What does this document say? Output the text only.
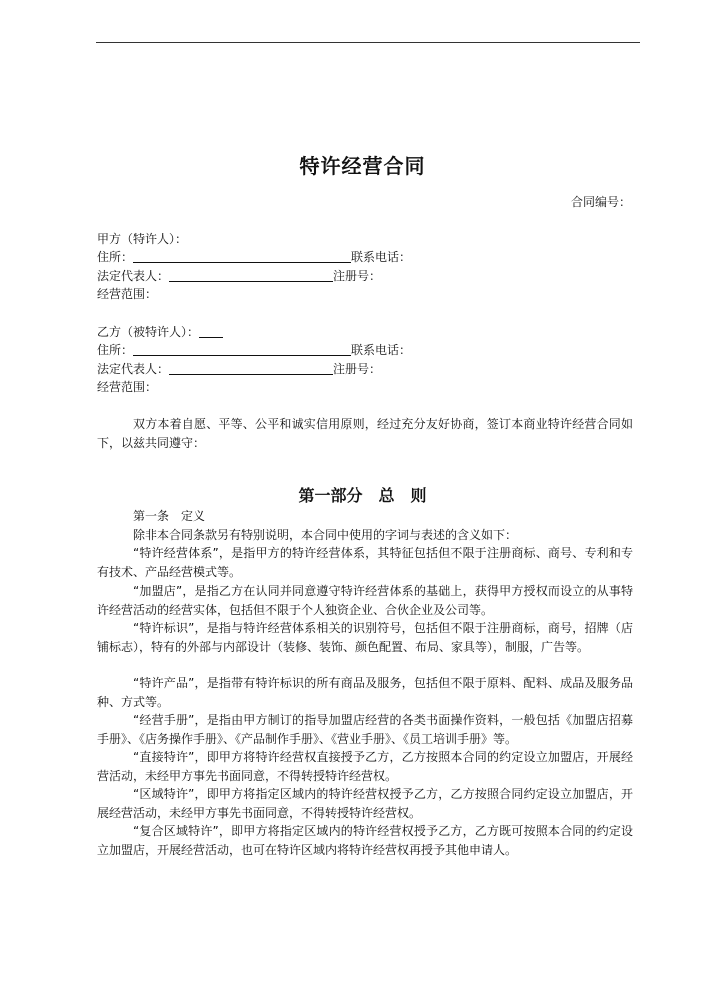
特许经营合同
合同编号：
甲方（特许人）：
住所：	联系电话：
法定代表人：	注册号：
经营范围：
乙方（被特许人）：
住所：	联系电话：
法定代表人：	注册号：
经营范围：
双方本着自愿、平等、公平和诚实信用原则，经过充分友好协商，签订本商业特许经营合同如下，以兹共同遵守：
第一部分　总　则
第一条　定义
除非本合同条款另有特别说明，本合同中使用的字词与表述的含义如下：
“特许经营体系”，是指甲方的特许经营体系，其特征包括但不限于注册商标、商号、专利和专有技术、产品经营模式等。
“加盟店”，是指乙方在认同并同意遵守特许经营体系的基础上，获得甲方授权而设立的从事特许经营活动的经营实体，包括但不限于个人独资企业、合伙企业及公司等。
“特许标识”，是指与特许经营体系相关的识别符号，包括但不限于注册商标，商号，招牌（店铺标志），特有的外部与内部设计（装修、装饰、颜色配置、布局、家具等），制服，广告等。
“特许产品”，是指带有特许标识的所有商品及服务，包括但不限于原料、配料、成品及服务品种、方式等。
“经营手册”，是指由甲方制订的指导加盟店经营的各类书面操作资料，一般包括《加盟店招募手册》、《店务操作手册》、《产品制作手册》、《营业手册》、《员工培训手册》等。
“直接特许”，即甲方将特许经营权直接授予乙方，乙方按照本合同的约定设立加盟店，开展经营活动，未经甲方事先书面同意，不得转授特许经营权。
“区域特许”，即甲方将指定区域内的特许经营权授予乙方，乙方按照合同约定设立加盟店，开展经营活动，未经甲方事先书面同意，不得转授特许经营权。
“复合区域特许”，即甲方将指定区域内的特许经营权授予乙方，乙方既可按照本合同的约定设立加盟店，开展经营活动，也可在特许区域内将特许经营权再授予其他申请人。
